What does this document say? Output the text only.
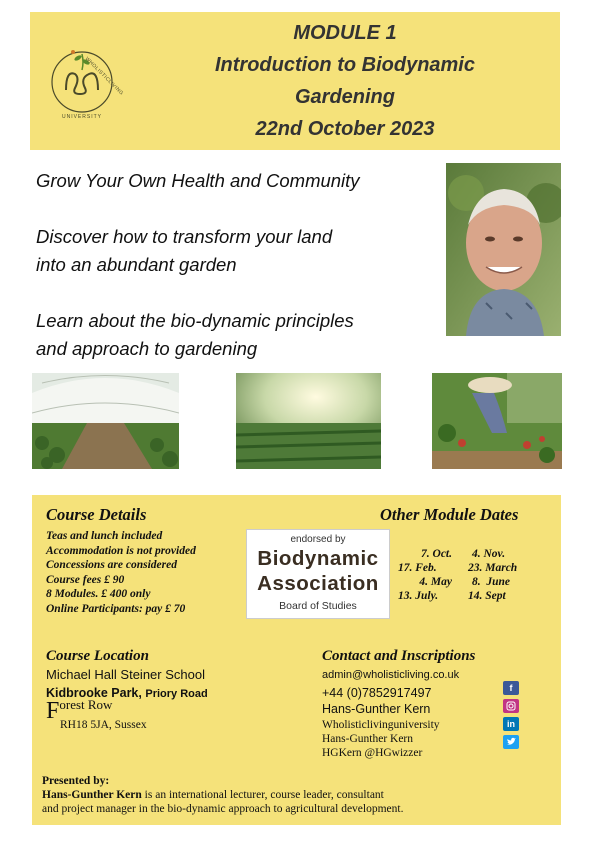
WHOLISTICLIVING
UNIVERSITY
MODULE 1
Introduction to Biodynamic
Gardening
22nd October 2023
Grow Your Own Health and Community
Discover how to transform your land
into an abundant garden
Learn about the bio-dynamic principles
and approach to gardening
Course Details
Teas and lunch included
Accommodation is not provided
Concessions are considered
Course fees £ 90
8 Modules. £ 400 only
Online Participants: pay £ 70
endorsed by
Biodynamic
Association
Board of Studies
Other Module Dates
7. Oct.
17. Feb.
4. May
13. July.
4. Nov.
23. March
8.  June
14. Sept
Course Location
Michael Hall Steiner School
Kidbrooke Park, Priory Road
$F^{orest Row}$
RH18 5JA, Sussex
Contact and Inscriptions
admin@wholisticliving.co.uk
+44 (0)7852917497
Hans-Gunther Kern
Wholisticlivinguniversity
Hans-Gunther Kern
HGKern @HGwizzer
f
in
Presented by:
Hans-Gunther Kern is an international lecturer, course leader, consultant
and project manager in the bio-dynamic approach to agricultural development.
